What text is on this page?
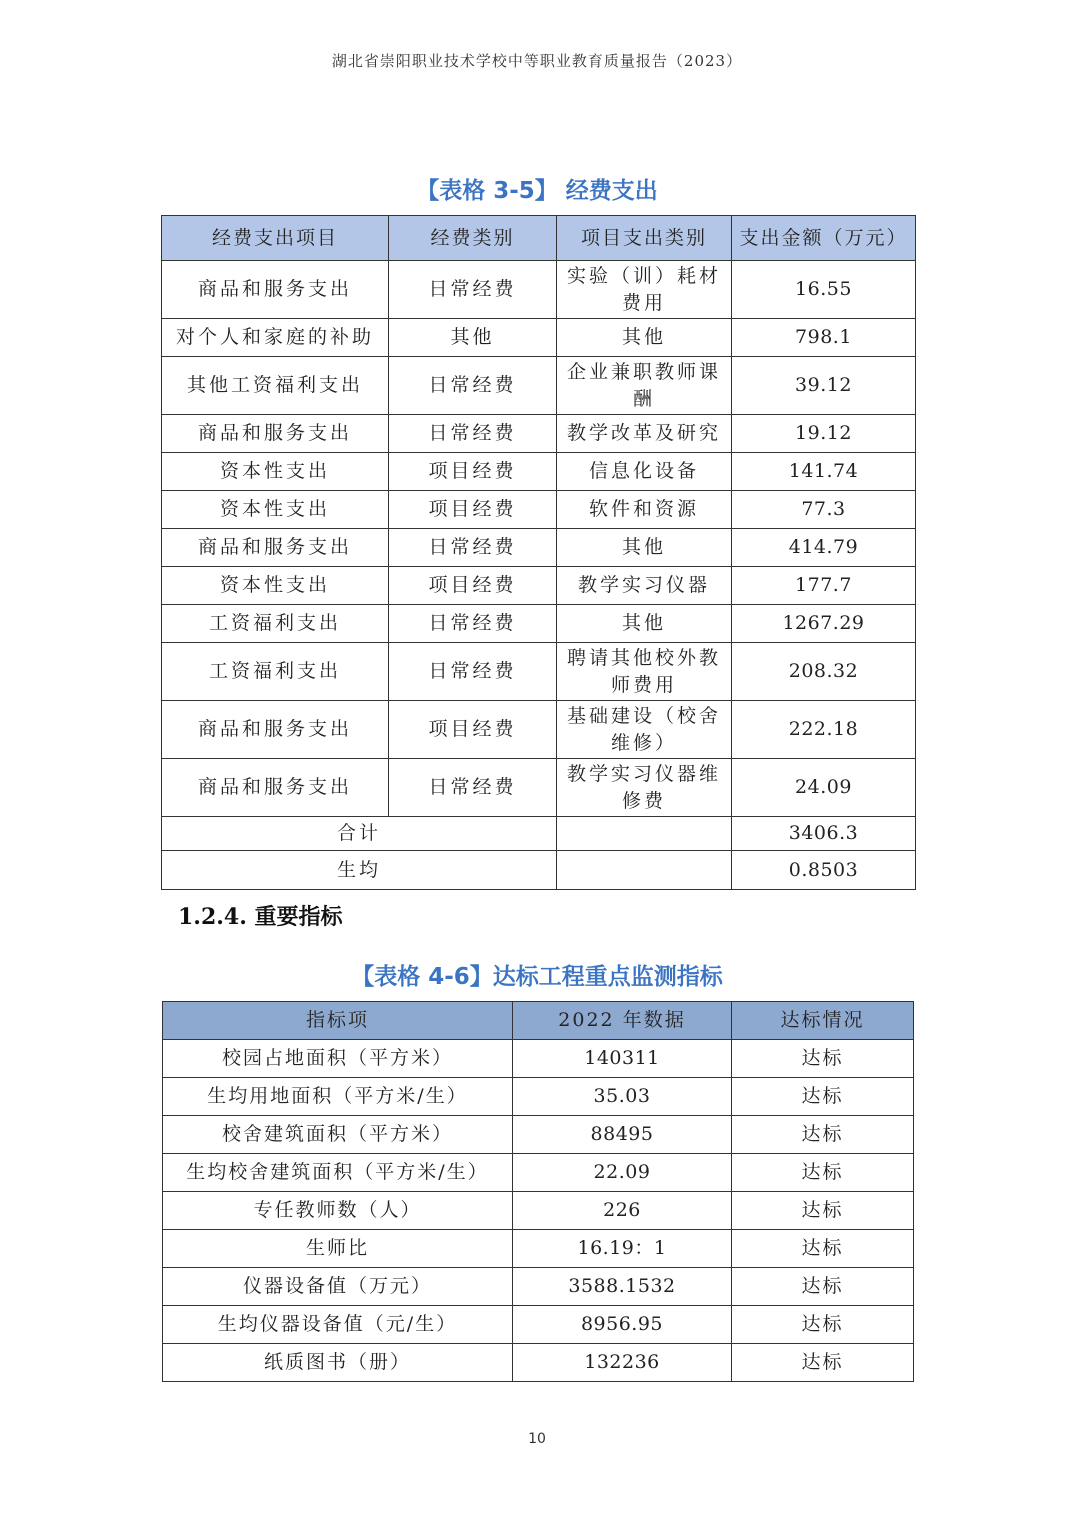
湖北省崇阳职业技术学校中等职业教育质量报告（2023）
【表格 3-5】 经费支出
经费支出项目	经费类别	项目支出类别	支出金额（万元）
商品和服务支出	日常经费	实验（训）耗材费用	16.55
对个人和家庭的补助	其他	其他	798.1
其他工资福利支出	日常经费	企业兼职教师课酬	39.12
商品和服务支出	日常经费	教学改革及研究	19.12
资本性支出	项目经费	信息化设备	141.74
资本性支出	项目经费	软件和资源	77.3
商品和服务支出	日常经费	其他	414.79
资本性支出	项目经费	教学实习仪器	177.7
工资福利支出	日常经费	其他	1267.29
工资福利支出	日常经费	聘请其他校外教师费用	208.32
商品和服务支出	项目经费	基础建设（校舍维修）	222.18
商品和服务支出	日常经费	教学实习仪器维修费	24.09
合计			3406.3
生均			0.8503
1.2.4. 重要指标
【表格 4-6】达标工程重点监测指标
指标项	2022 年数据	达标情况
校园占地面积（平方米）	140311	达标
生均用地面积（平方米/生）	35.03	达标
校舍建筑面积（平方米）	88495	达标
生均校舍建筑面积（平方米/生）	22.09	达标
专任教师数（人）	226	达标
生师比	16.19：1	达标
仪器设备值（万元）	3588.1532	达标
生均仪器设备值（元/生）	8956.95	达标
纸质图书（册）	132236	达标
10
